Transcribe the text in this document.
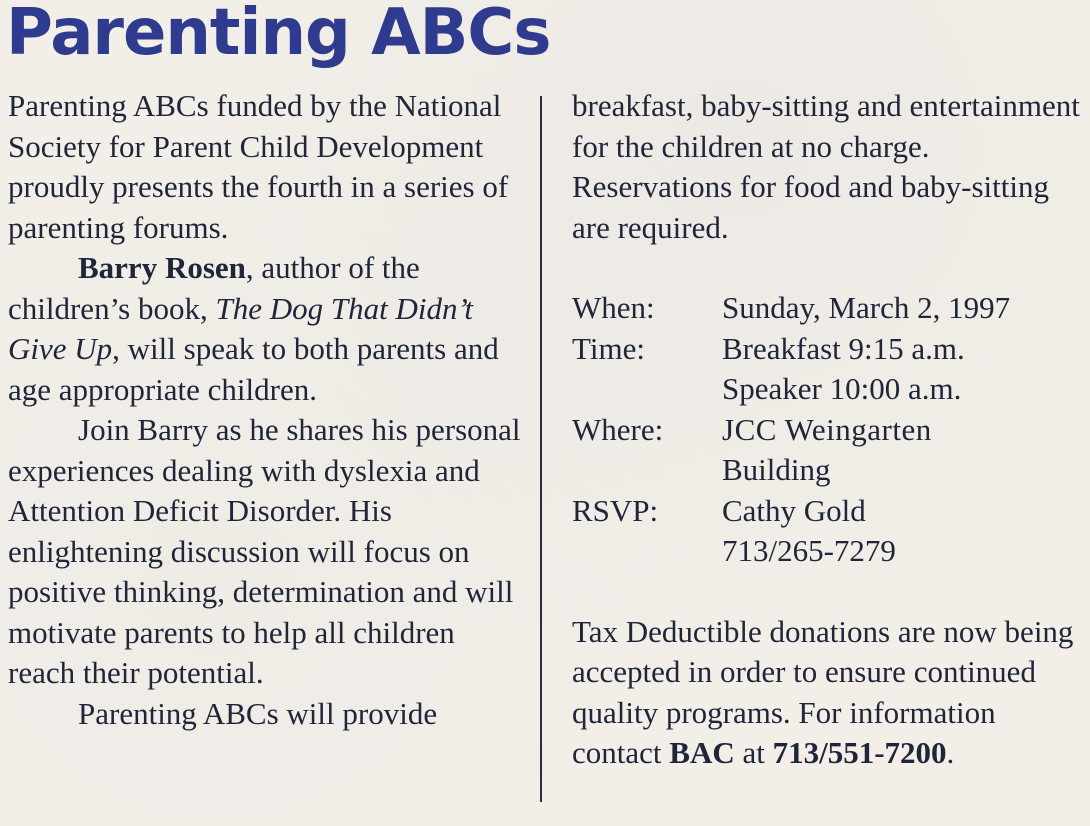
Parenting ABCs

Parenting ABCs funded by the National Society for Parent Child Development proudly presents the fourth in a series of parenting forums.

Barry Rosen, author of the children’s book, The Dog That Didn’t Give Up, will speak to both parents and age appropriate children.

Join Barry as he shares his personal experiences dealing with dyslexia and Attention Deficit Disorder. His enlightening discussion will focus on positive thinking, determination and will motivate parents to help all children reach their potential.

Parenting ABCs will provide

breakfast, baby-sitting and entertainment for the children at no charge. Reservations for food and baby-sitting are required.

When:	Sunday, March 2, 1997
Time:	Breakfast 9:15 a.m.
Speaker 10:00 a.m.
Where:	JCC Weingarten
Building
RSVP:	Cathy Gold
713/265-7279

Tax Deductible donations are now being accepted in order to ensure continued quality programs. For information contact BAC at 713/551-7200.
